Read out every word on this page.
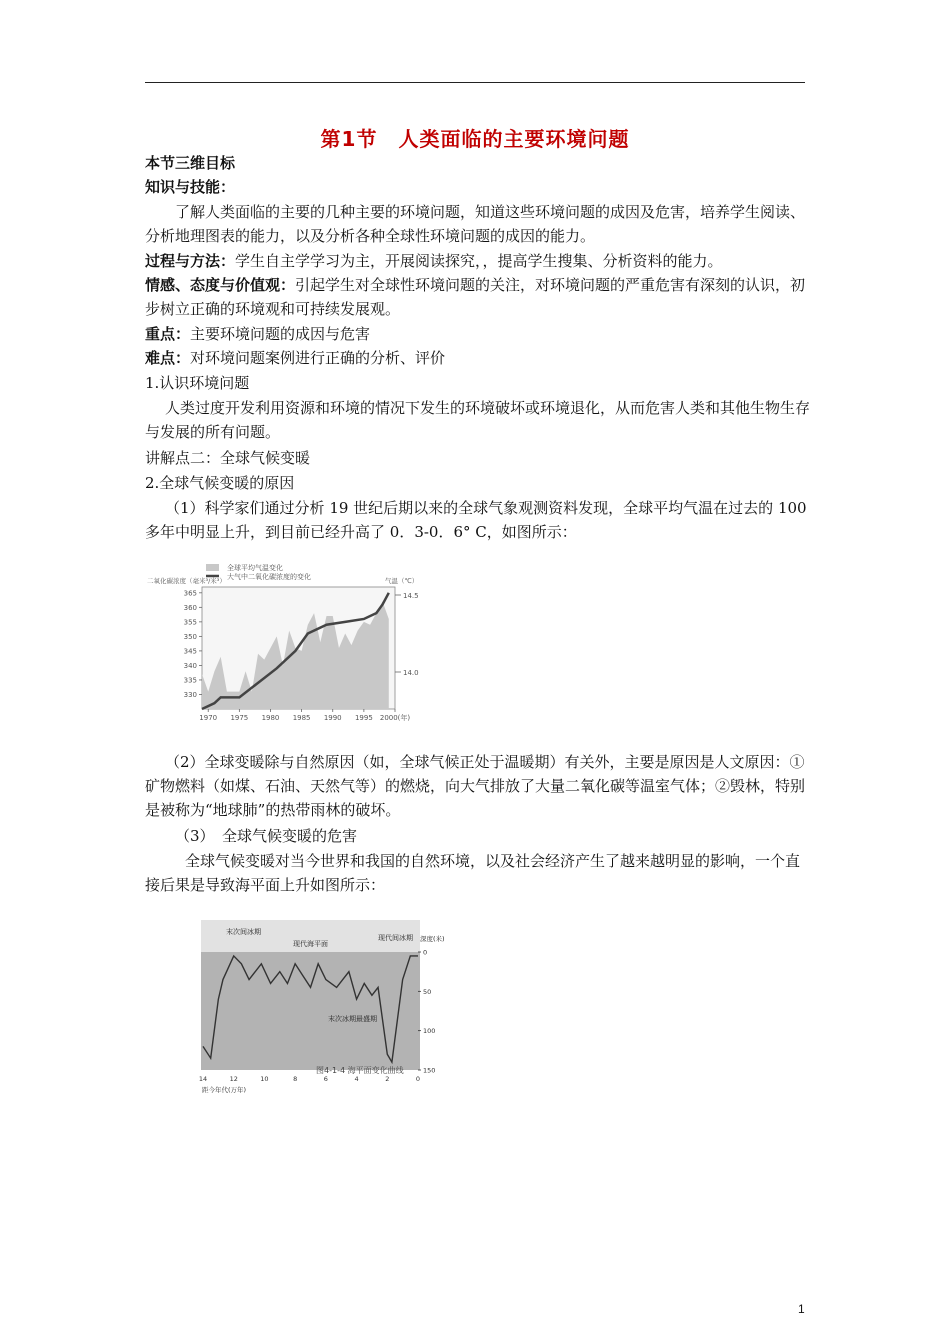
第1节　人类面临的主要环境问题
本节三维目标
知识与技能：
了解人类面临的主要的几种主要的环境问题，知道这些环境问题的成因及危害，培养学生阅读、分析地理图表的能力，以及分析各种全球性环境问题的成因的能力。
过程与方法：学生自主学学习为主，开展阅读探究，，提高学生搜集、分析资料的能力。
情感、态度与价值观：引起学生对全球性环境问题的关注，对环境问题的严重危害有深刻的认识，初步树立正确的环境观和可持续发展观。
重点：主要环境问题的成因与危害
难点：对环境问题案例进行正确的分析、评价
1.认识环境问题
人类过度开发利用资源和环境的情况下发生的环境破坏或环境退化，从而危害人类和其他生物生存与发展的所有问题。
讲解点二：全球气候变暖
2.全球气候变暖的原因
（1）科学家们通过分析 19 世纪后期以来的全球气象观测资料发现，全球平均气温在过去的 100 多年中明显上升，到目前已经升高了 0．3-0．6° C，如图所示：
全球平均气温变化
大气中二氧化碳浓度的变化
二氧化碳浓度（毫米³/米³）	气温（℃）
330
335
340
345
350
355
360
365
1970 1975 1980 1985 1990 1995 2000(年)
14.5
14.0
（2）全球变暖除与自然原因（如，全球气候正处于温暖期）有关外，主要是原因是人文原因：①矿物燃料（如煤、石油、天然气等）的燃烧，向大气排放了大量二氧化碳等温室气体；②毁林，特别是被称为“地球肺”的热带雨林的破坏。
（3）　全球气候变暖的危害
全球气候变暖对当今世界和我国的自然环境，以及社会经济产生了越来越明显的影响，一个直接后果是导致海平面上升如图所示：
末次间冰期
现代海平面
现代间冰期
末次冰期最盛期
深度(米)
0
50
100
150
14	12	10	8	6	4	2	0
距今年代(万年)
图4-1-4 海平面变化曲线
1
